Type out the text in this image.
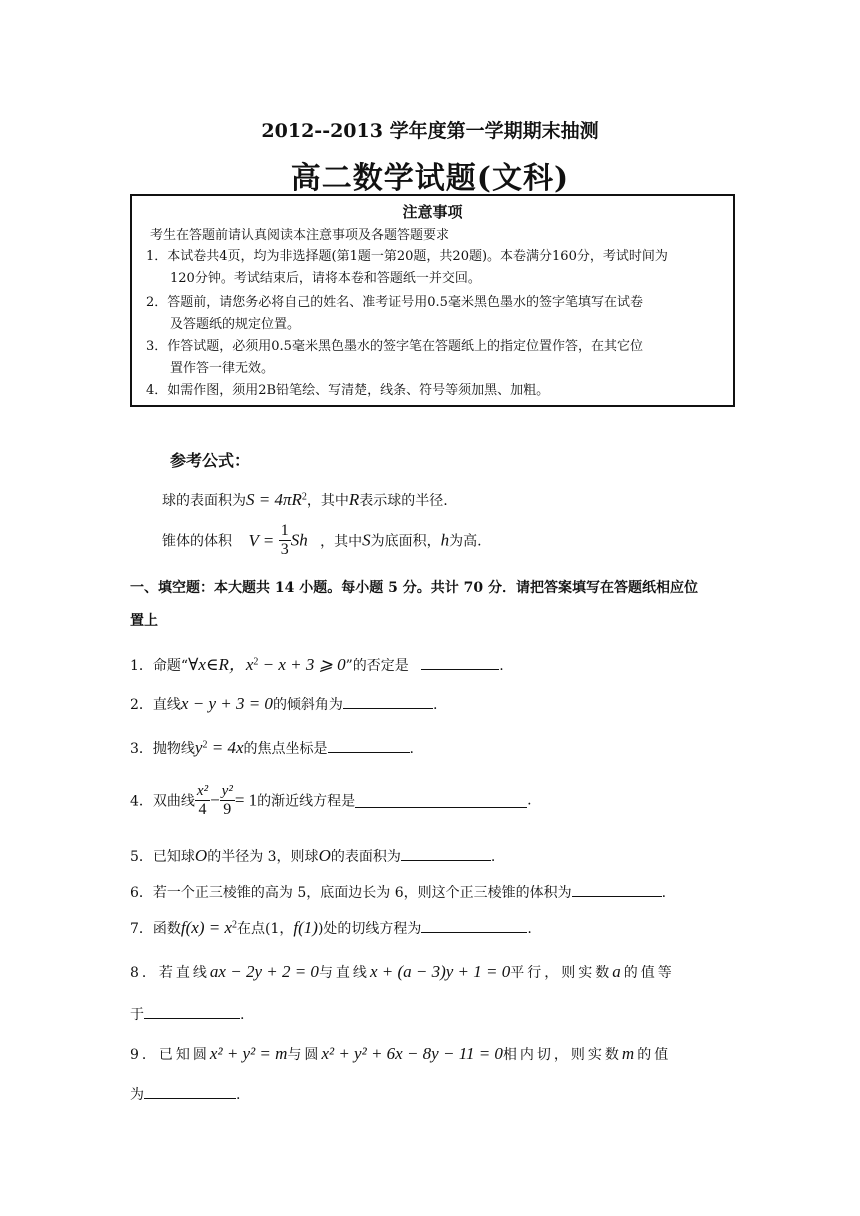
2012--2013 学年度第一学期期末抽测
高二数学试题(文科)
注意事项
考生在答题前请认真阅读本注意事项及各题答题要求
1．本试卷共4页，均为非选择题(第1题一第20题，共20题)。本卷满分160分，考试时间为
120分钟。考试结束后，请将本卷和答题纸一并交回。
2．答题前，请您务必将自己的姓名、准考证号用0.5毫米黑色墨水的签字笔填写在试卷
及答题纸的规定位置。
3．作答试题，必须用0.5毫米黑色墨水的签字笔在答题纸上的指定位置作答，在其它位
置作答一律无效。
4．如需作图，须用2B铅笔绘、写清楚，线条、符号等须加黑、加粗。
参考公式：
球的表面积为$S = 4\pi R^2$，其中R表示球的半径.
锥体的体积 $V = \frac{1}{3}$ Sh ，其中S为底面积，h为高.
一、填空题：本大题共 14 小题。每小题 5 分。共计 70 分．请把答案填写在答题纸相应位
置上
1．命题“∀x∈R，$x^2 - x + 3$ ⩾ 0”的否定是	.
2．直线x − y + 3 = 0的倾斜角为	.
3．抛物线$y^2 = 4x$的焦点坐标是	.
4．双曲线 $\frac{\text{x²}}{4} - \frac{\text{y²}}{9} = 1$的渐近线方程是	.
5．已知球O的半径为 3，则球O的表面积为	.
6．若一个正三棱锥的高为 5，底面边长为 6，则这个正三棱锥的体积为	.
7．函数$f(x) = x^2$在点(1，f(1))处的切线方程为	.
8．若直线ax − 2y + 2 = 0与直线x + (a − 3)y + 1 = 0平行，则实数a的值等
于	.
9．已知圆x² + y² = m与圆x² + y² + 6x − 8y − 11 = 0相内切，则实数m的值
为	.
